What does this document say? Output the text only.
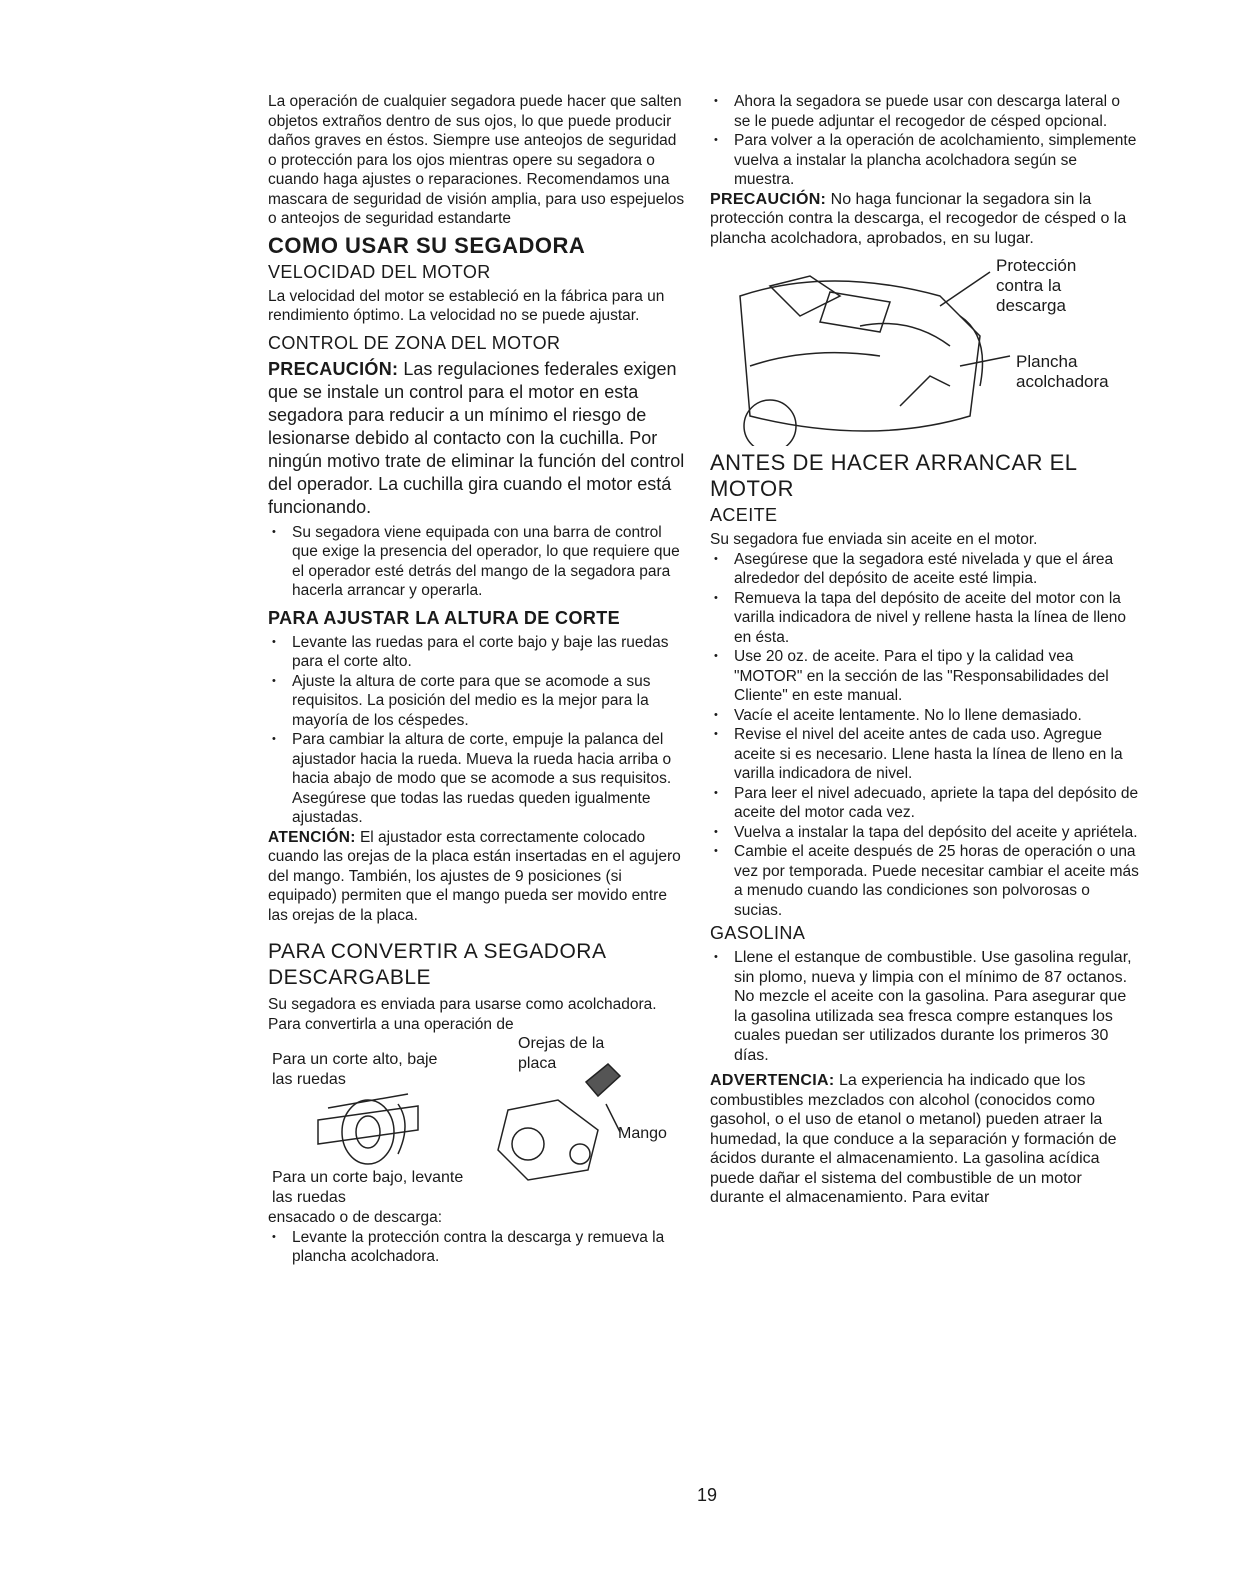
La operación de cualquier segadora puede hacer que salten objetos extraños dentro de sus ojos, lo que puede producir daños graves en éstos. Siempre use anteojos de seguridad o protección para los ojos mientras opere su segadora o cuando haga ajustes o reparaciones. Recomendamos una mascara de seguridad de visión amplia, para uso espejuelos o anteojos de seguridad estandarte

COMO USAR SU SEGADORA
VELOCIDAD DEL MOTOR

La velocidad del motor se estableció en la fábrica para un rendimiento óptimo. La velocidad no se puede ajustar.

CONTROL DE ZONA DEL MOTOR

PRECAUCIÓN: Las regulaciones federales exigen que se instale un control para el motor en esta segadora para reducir a un mínimo el riesgo de lesionarse debido al contacto con la cuchilla. Por ningún motivo trate de eliminar la función del control del operador. La cuchilla gira cuando el motor está funcionando.

• Su segadora viene equipada con una barra de control que exige la presencia del operador, lo que requiere que el operador esté detrás del mango de la segadora para hacerla arrancar y operarla.
PARA AJUSTAR LA ALTURA DE CORTE
• Levante las ruedas para el corte bajo y baje las ruedas para el corte alto.
• Ajuste la altura de corte para que se acomode a sus requisitos. La posición del medio es la mejor para la mayoría de los céspedes.
• Para cambiar la altura de corte, empuje la palanca del ajustador hacia la rueda. Mueva la rueda hacia arriba o hacia abajo de modo que se acomode a sus requisitos. Asegúrese que todas las ruedas queden igualmente ajustadas.

ATENCIÓN: El ajustador esta correctamente colocado cuando las orejas de la placa están insertadas en el agujero del mango. También, los ajustes de 9 posiciones (si equipado) permiten que el mango pueda ser movido entre las orejas de la placa.

PARA CONVERTIR A SEGADORA DESCARGABLE

Su segadora es enviada para usarse como acolchadora. Para convertirla a una operación de

Para un corte alto, baje las ruedas
Orejas de la placa
Mango
Para un corte bajo, levante las ruedas

ensacado o de descarga:

• Levante la protección contra la descarga y remueva la plancha acolchadora.
• Ahora la segadora se puede usar con descarga lateral o se le puede adjuntar el recogedor de césped opcional.
• Para volver a la operación de acolchamiento, simplemente vuelva a instalar la plancha acolchadora según se muestra.

PRECAUCIÓN: No haga funcionar la segadora sin la protección contra la descarga, el recogedor de césped o la plancha acolchadora, aprobados, en su lugar.

Protección contra la descarga
Plancha acolchadora
ANTES DE HACER ARRANCAR EL MOTOR
ACEITE

Su segadora fue enviada sin aceite en el motor.

• Asegúrese que la segadora esté nivelada y que el área alrededor del depósito de aceite esté limpia.
• Remueva la tapa del depósito de aceite del motor con la varilla indicadora de nivel y rellene hasta la línea de lleno en ésta.
• Use 20 oz. de aceite. Para el tipo y la calidad vea "MOTOR" en la sección de las "Responsabilidades del Cliente" en este manual.
• Vacíe el aceite lentamente. No lo llene demasiado.
• Revise el nivel del aceite antes de cada uso. Agregue aceite si es necesario. Llene hasta la línea de lleno en la varilla indicadora de nivel.
• Para leer el nivel adecuado, apriete la tapa del depósito de aceite del motor cada vez.
• Vuelva a instalar la tapa del depósito del aceite y apriétela.
• Cambie el aceite después de 25 horas de operación o una vez por temporada. Puede necesitar cambiar el aceite más a menudo cuando las condiciones son polvorosas o sucias.
GASOLINA
• Llene el estanque de combustible. Use gasolina regular, sin plomo, nueva y limpia con el mínimo de 87 octanos. No mezcle el aceite con la gasolina. Para asegurar que la gasolina utilizada sea fresca compre estanques los cuales puedan ser utilizados durante los primeros 30 días.

ADVERTENCIA: La experiencia ha indicado que los combustibles mezclados con alcohol (conocidos como gasohol, o el uso de etanol o metanol) pueden atraer la humedad, la que conduce a la separación y formación de ácidos durante el almacenamiento. La gasolina acídica puede dañar el sistema del combustible de un motor durante el almacenamiento. Para evitar

19
